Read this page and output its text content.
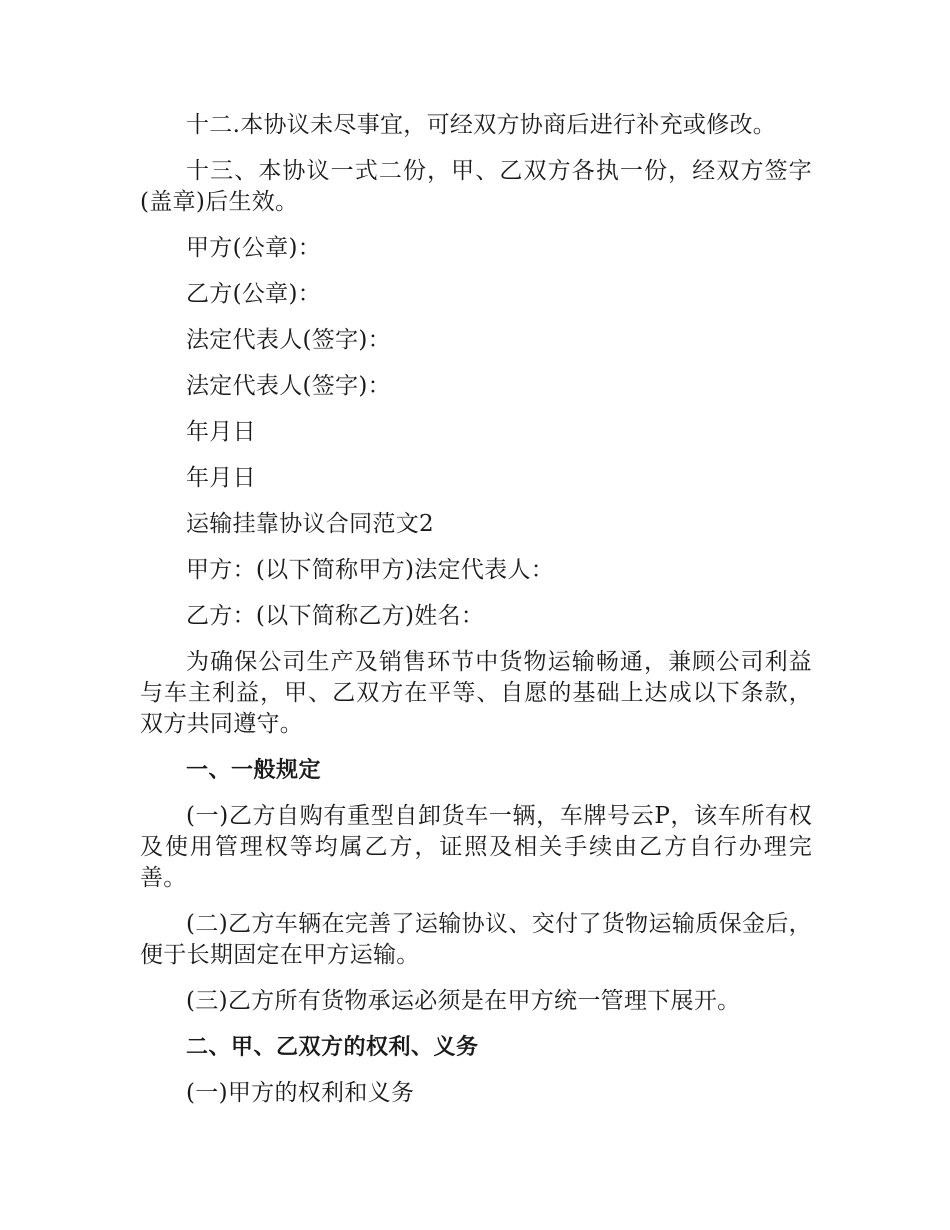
十二.本协议未尽事宜，可经双方协商后进行补充或修改。

十三、本协议一式二份，甲、乙双方各执一份，经双方签字(盖章)后生效。

甲方(公章)：

乙方(公章)：

法定代表人(签字)：

法定代表人(签字)：

年月日

年月日

运输挂靠协议合同范文2

甲方：(以下简称甲方)法定代表人：

乙方：(以下简称乙方)姓名：

为确保公司生产及销售环节中货物运输畅通，兼顾公司利益与车主利益，甲、乙双方在平等、自愿的基础上达成以下条款，双方共同遵守。

一、一般规定

(一)乙方自购有重型自卸货车一辆，车牌号云P，该车所有权及使用管理权等均属乙方，证照及相关手续由乙方自行办理完善。

(二)乙方车辆在完善了运输协议、交付了货物运输质保金后，便于长期固定在甲方运输。

(三)乙方所有货物承运必须是在甲方统一管理下展开。

二、甲、乙双方的权利、义务

(一)甲方的权利和义务
